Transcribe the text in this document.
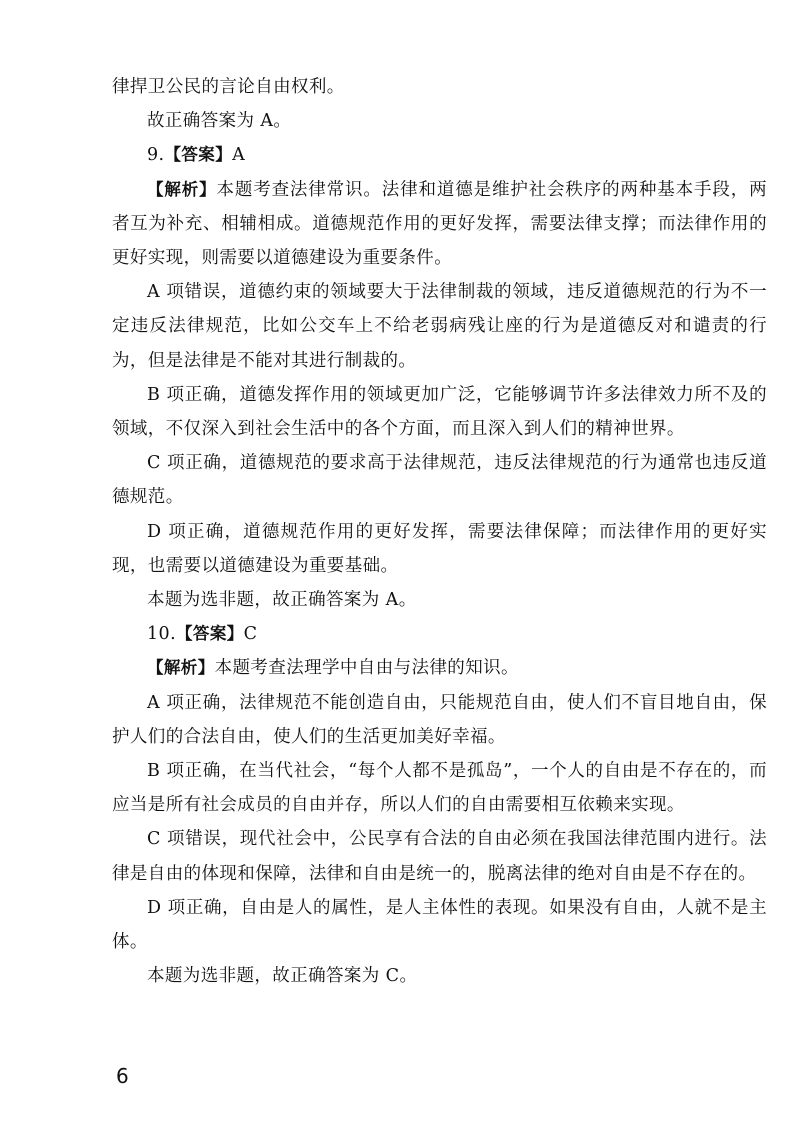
律捍卫公民的言论自由权利。

故正确答案为 A。

9.【答案】A

【解析】本题考查法律常识。法律和道德是维护社会秩序的两种基本手段，两者互为补充、相辅相成。道德规范作用的更好发挥，需要法律支撑；而法律作用的更好实现，则需要以道德建设为重要条件。

A 项错误，道德约束的领域要大于法律制裁的领域，违反道德规范的行为不一定违反法律规范，比如公交车上不给老弱病残让座的行为是道德反对和谴责的行为，但是法律是不能对其进行制裁的。

B 项正确，道德发挥作用的领域更加广泛，它能够调节许多法律效力所不及的领域，不仅深入到社会生活中的各个方面，而且深入到人们的精神世界。

C 项正确，道德规范的要求高于法律规范，违反法律规范的行为通常也违反道德规范。

D 项正确，道德规范作用的更好发挥，需要法律保障；而法律作用的更好实现，也需要以道德建设为重要基础。

本题为选非题，故正确答案为 A。

10.【答案】C

【解析】本题考查法理学中自由与法律的知识。

A 项正确，法律规范不能创造自由，只能规范自由，使人们不盲目地自由，保护人们的合法自由，使人们的生活更加美好幸福。

B 项正确，在当代社会，“每个人都不是孤岛”，一个人的自由是不存在的，而应当是所有社会成员的自由并存，所以人们的自由需要相互依赖来实现。

C 项错误，现代社会中，公民享有合法的自由必须在我国法律范围内进行。法律是自由的体现和保障，法律和自由是统一的，脱离法律的绝对自由是不存在的。

D 项正确，自由是人的属性，是人主体性的表现。如果没有自由，人就不是主体。

本题为选非题，故正确答案为 C。

6
